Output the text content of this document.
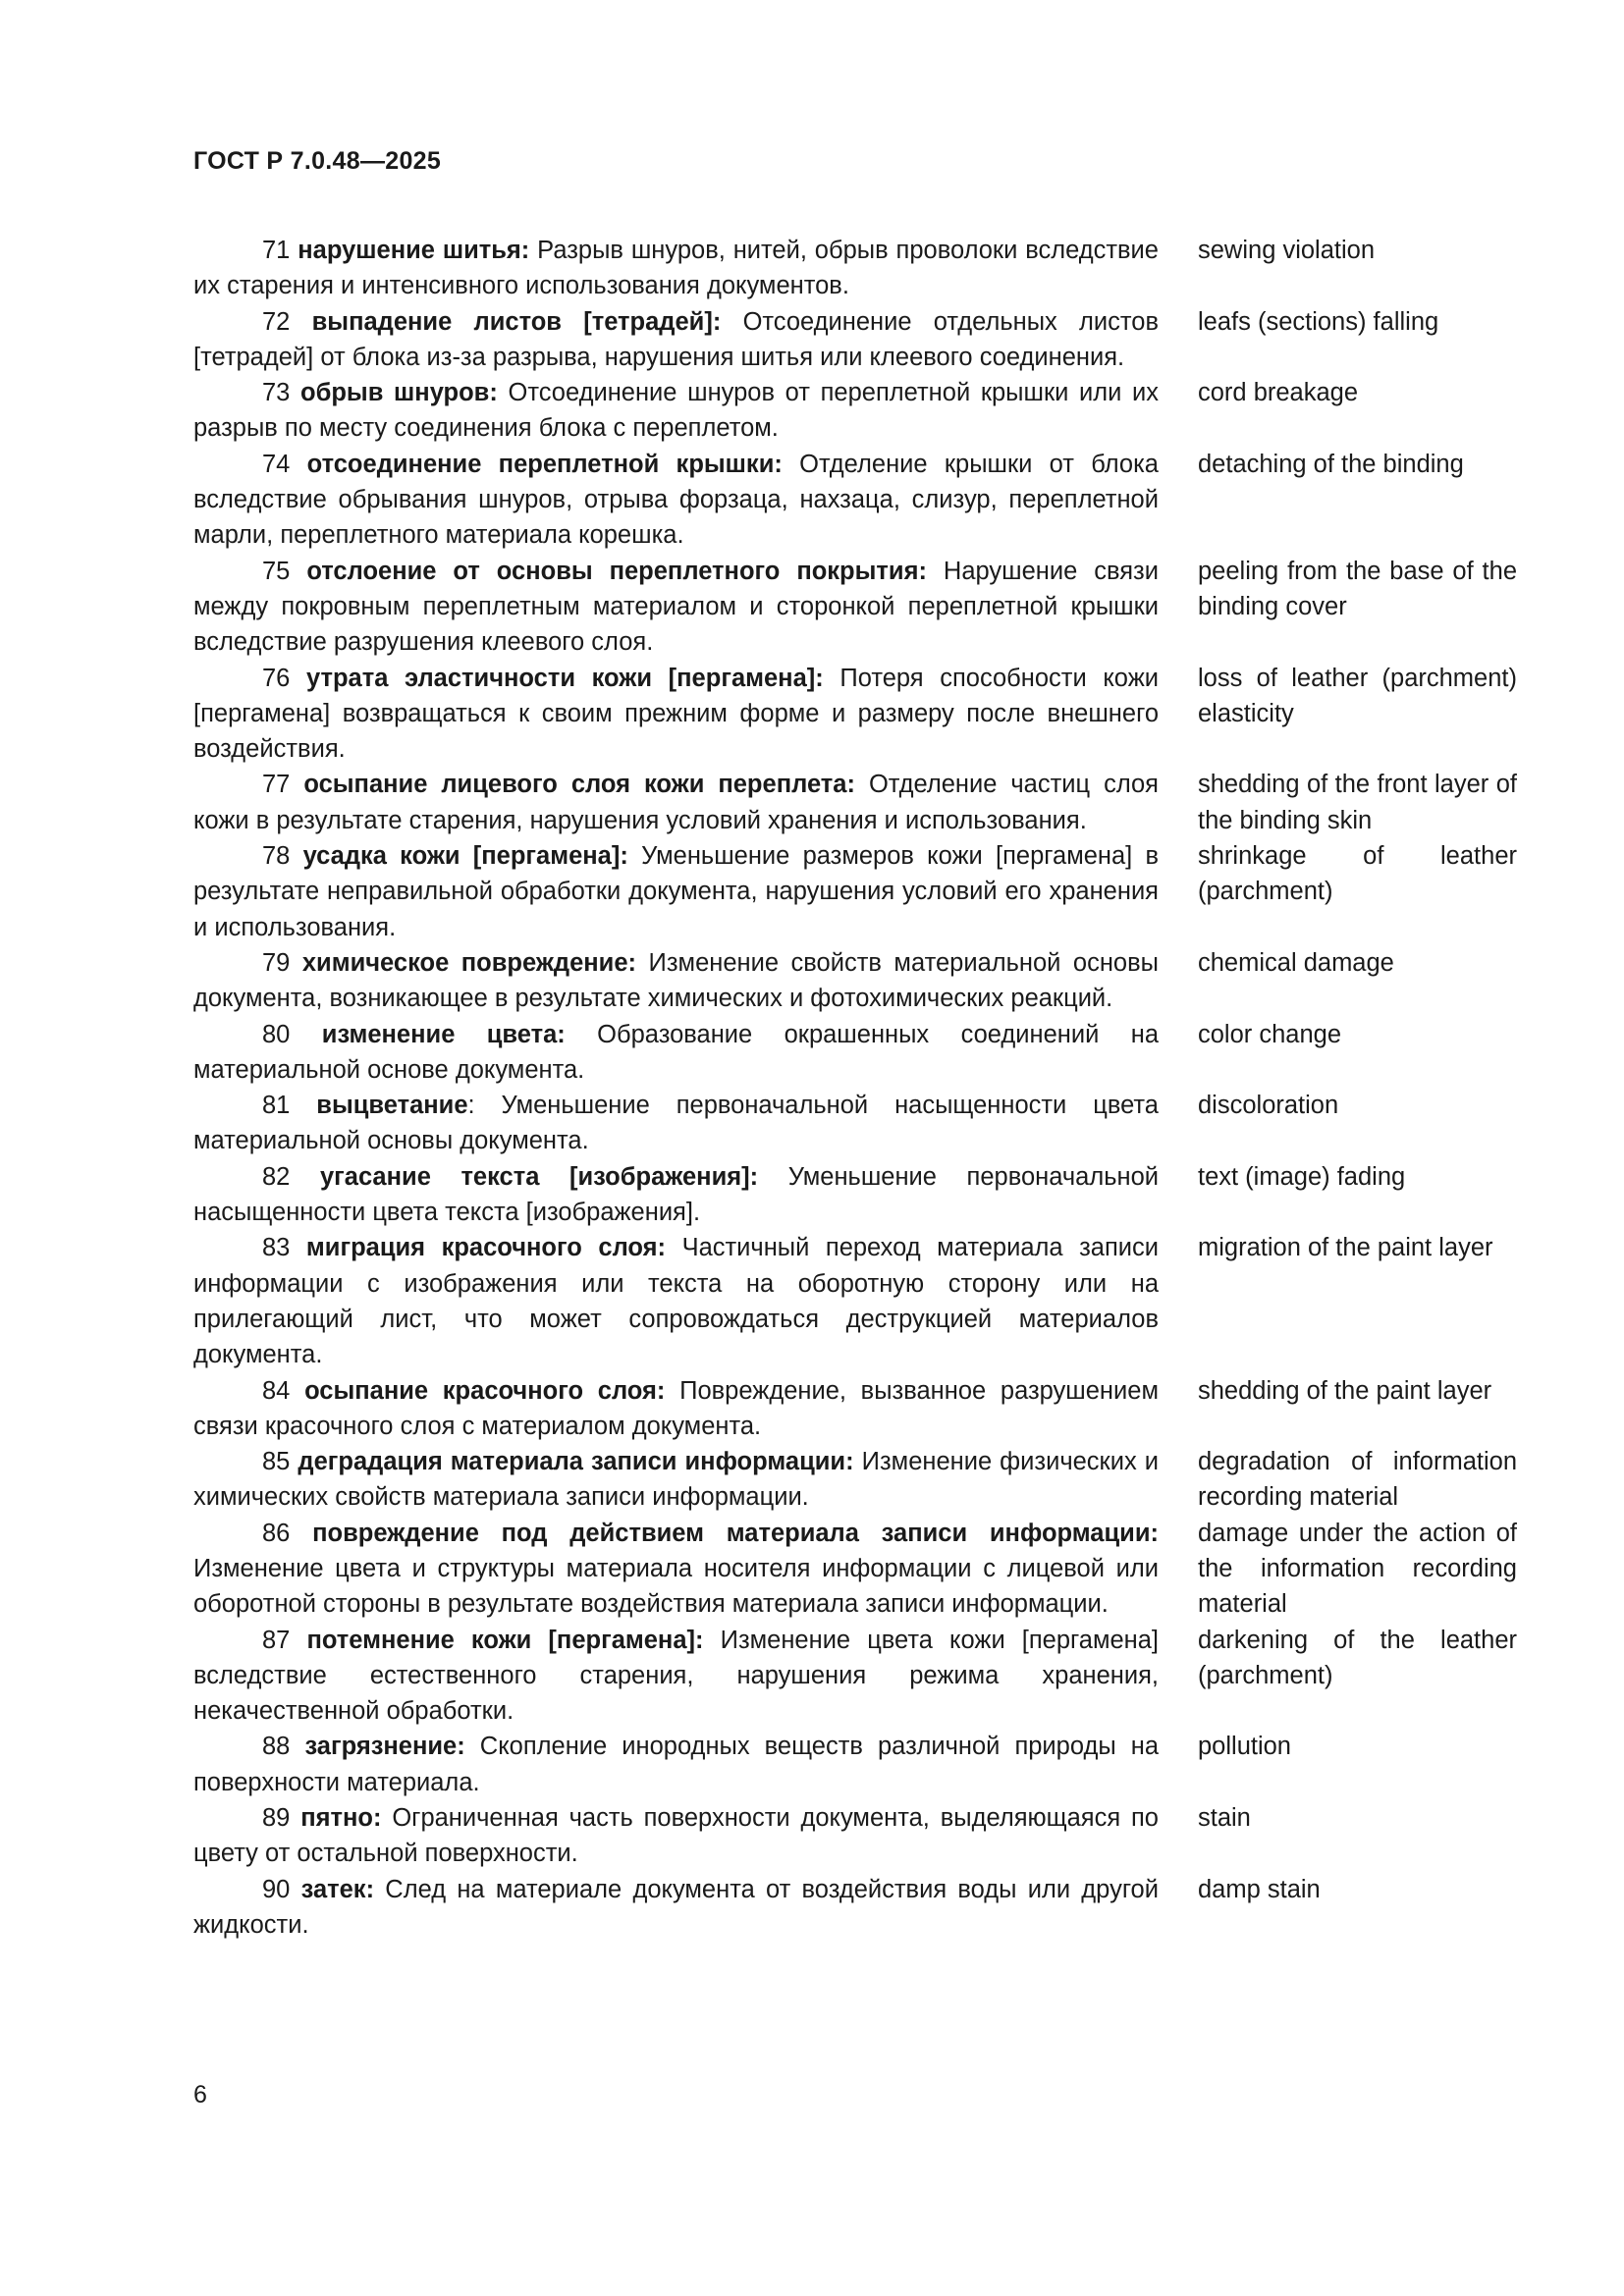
ГОСТ Р 7.0.48—2025

71 нарушение шитья: Разрыв шнуров, нитей, обрыв проволоки вследствие их старения и интенсивного использования документов.

sewing violation

72 выпадение листов [тетрадей]: Отсоединение отдельных листов [тетрадей] от блока из-за разрыва, нарушения шитья или клеевого соединения.

leafs (sections) falling

73 обрыв шнуров: Отсоединение шнуров от переплетной крышки или их разрыв по месту соединения блока с переплетом.

cord breakage

74 отсоединение переплетной крышки: Отделение крышки от блока вследствие обрывания шнуров, отрыва форзаца, нахзаца, слизур, переплетной марли, переплетного материала корешка.

detaching of the binding

75 отслоение от основы переплетного покрытия: Нарушение связи между покровным переплетным материалом и сторонкой переплетной крышки вследствие разрушения клеевого слоя.

peeling from the base of the binding cover

76 утрата эластичности кожи [пергамена]: Потеря способности кожи [пергамена] возвращаться к своим прежним форме и размеру после внешнего воздействия.

loss of leather (parchment) elasticity

77 осыпание лицевого слоя кожи переплета: Отделение частиц слоя кожи в результате старения, нарушения условий хранения и использования.

shedding of the front layer of the binding skin

78 усадка кожи [пергамена]: Уменьшение размеров кожи [пергамена] в результате неправильной обработки документа, нарушения условий его хранения и использования.

shrinkage of leather (parchment)

79 химическое повреждение: Изменение свойств материальной основы документа, возникающее в результате химических и фотохимических реакций.

chemical damage

80 изменение цвета: Образование окрашенных соединений на материальной основе документа.

color change

81 выцветание: Уменьшение первоначальной насыщенности цвета материальной основы документа.

discoloration

82 угасание текста [изображения]: Уменьшение первоначальной насыщенности цвета текста [изображения].

text (image) fading

83 миграция красочного слоя: Частичный переход материала записи информации с изображения или текста на оборотную сторону или на прилегающий лист, что может сопровождаться деструкцией материалов документа.

migration of the paint layer

84 осыпание красочного слоя: Повреждение, вызванное разрушением связи красочного слоя с материалом документа.

shedding of the paint layer

85 деградация материала записи информации: Изменение физических и химических свойств материала записи информации.

degradation of information recording material

86 повреждение под действием материала записи информации: Изменение цвета и структуры материала носителя информации с лицевой или оборотной стороны в результате воздействия материала записи информации.

damage under the action of the information recording material

87 потемнение кожи [пергамена]: Изменение цвета кожи [пергамена] вследствие естественного старения, нарушения режима хранения, некачественной обработки.

darkening of the leather (parchment)

88 загрязнение: Скопление инородных веществ различной природы на поверхности материала.

pollution

89 пятно: Ограниченная часть поверхности документа, выделяющаяся по цвету от остальной поверхности.

stain

90 затек: След на материале документа от воздействия воды или другой жидкости.

damp stain

6
